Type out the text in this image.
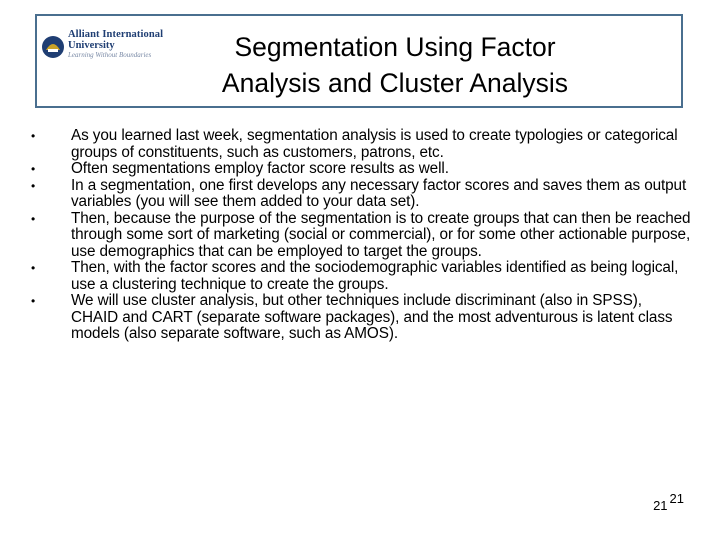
Alliant International
University
Learning Without Boundaries	Segmentation Using Factor
Analysis and Cluster Analysis
• As you learned last week, segmentation analysis is used to create typologies or categorical groups of constituents, such as customers, patrons, etc.
• Often segmentations employ factor score results as well.
• In a segmentation, one first develops any necessary factor scores and saves them as output variables (you will see them added to your data set).
• Then, because the purpose of the segmentation is to create groups that can then be reached through some sort of marketing (social or commercial), or for some other actionable purpose, use demographics that can be employed to target the groups.
• Then, with the factor scores and the sociodemographic variables identified as being logical, use a clustering technique to create the groups.
• We will use cluster analysis, but other techniques include discriminant (also in SPSS), CHAID and CART (separate software packages), and the most adventurous is latent class models (also separate software, such as AMOS).
21 21
